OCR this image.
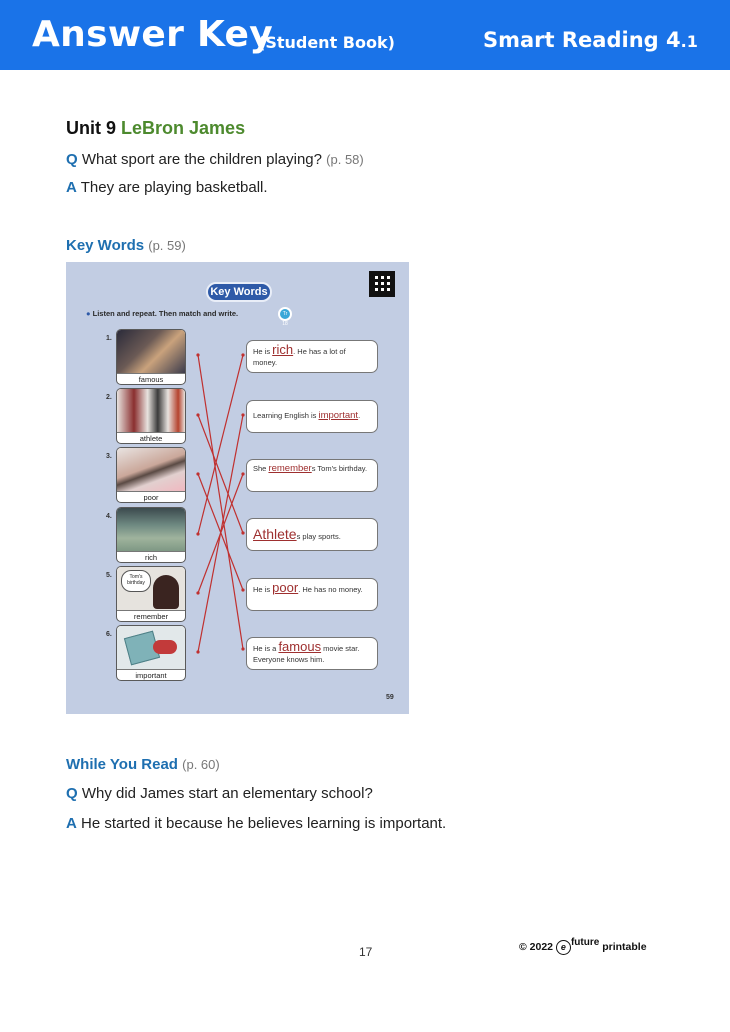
Answer Key
(Student Book)	Smart Reading 4.1
Unit 9 LeBron James
Q What sport are the children playing? (p. 58)
A They are playing basketball.
Key Words (p. 59)
Key Words
● Listen and repeat. Then match and write.	Tr 18
1.
famous
2.
athlete
3.
poor
4.
rich
5.	Tom's birthday
remember
6.
important
He is rich. He has a lot of money.
Learning English is important.
She remembers Tom's birthday.
Athletes play sports.
He is poor. He has no money.
He is a famous movie star. Everyone knows him.
59
While You Read (p. 60)
Q Why did James start an elementary school?
A He started it because he believes learning is important.
17	© 2022 e future printable
